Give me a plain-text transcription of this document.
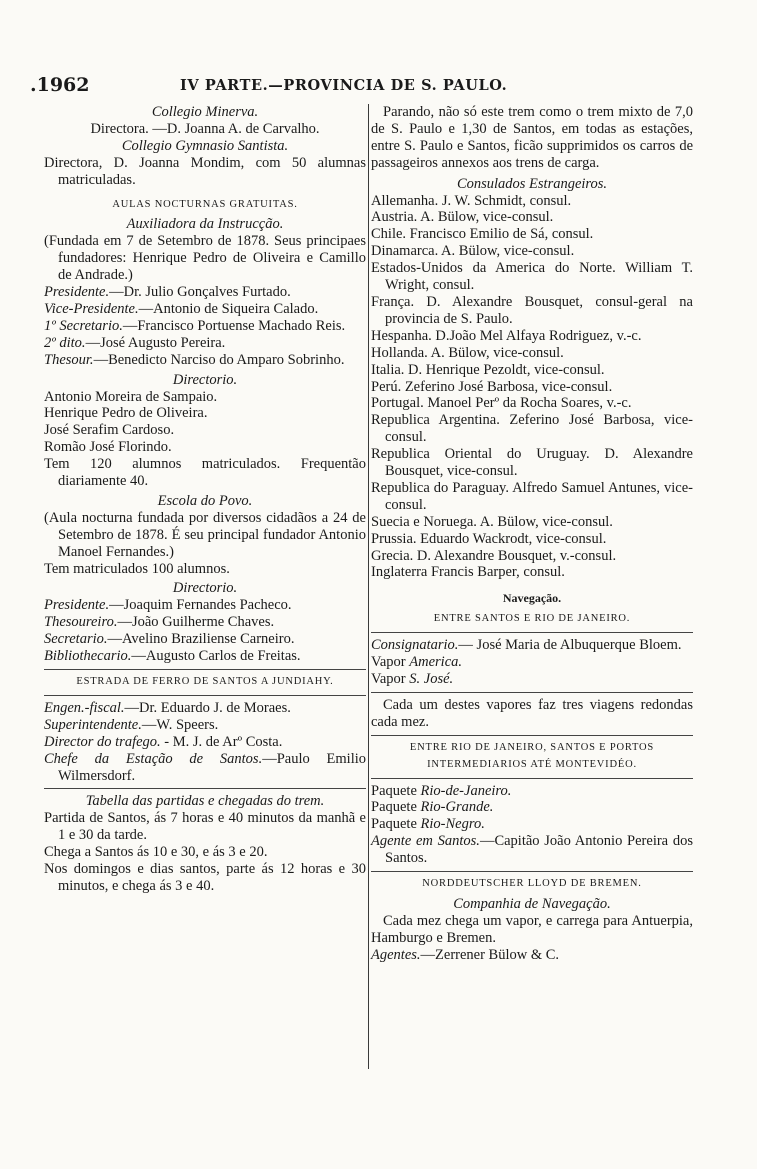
.1962	IV PARTE.—PROVINCIA DE S. PAULO.

Collegio Minerva.

Directora. —D. Joanna A. de Carvalho.

Collegio Gymnasio Santista.

Directora, D. Joanna Mondim, com 50 alumnas matriculadas.

AULAS NOCTURNAS GRATUITAS.

Auxiliadora da Instrucção.

(Fundada em 7 de Setembro de 1878. Seus principaes fundadores: Henrique Pedro de Oliveira e Camillo de Andrade.)

Presidente.—Dr. Julio Gonçalves Furtado.
Vice-Presidente.—Antonio de Siqueira Calado.
1º Secretario.—Francisco Portuense Machado Reis.
2º dito.—José Augusto Pereira.
Thesour.—Benedicto Narciso do Amparo Sobrinho.

Directorio.

Antonio Moreira de Sampaio.

Henrique Pedro de Oliveira.

José Serafim Cardoso.

Romão José Florindo.

Tem 120 alumnos matriculados. Frequentão diariamente 40.

Escola do Povo.

(Aula nocturna fundada por diversos cidadãos a 24 de Setembro de 1878. É seu principal fundador Antonio Manoel Fernandes.)

Tem matriculados 100 alumnos.

Directorio.

Presidente.—Joaquim Fernandes Pacheco.
Thesoureiro.—João Guilherme Chaves.
Secretario.—Avelino Braziliense Carneiro.
Bibliothecario.—Augusto Carlos de Freitas.

ESTRADA DE FERRO DE SANTOS A JUNDIAHY.

Engen.-fiscal.—Dr. Eduardo J. de Moraes.
Superintendente.—W. Speers.
Director do trafego. - M. J. de Arº Costa.
Chefe da Estação de Santos.—Paulo Emilio Wilmersdorf.

Tabella das partidas e chegadas do trem.

Partida de Santos, ás 7 horas e 40 minutos da manhã e 1 e 30 da tarde.

Chega a Santos ás 10 e 30, e ás 3 e 20.

Nos domingos e dias santos, parte ás 12 horas e 30 minutos, e chega ás 3 e 40.

Parando, não só este trem como o trem mixto de 7,0 de S. Paulo e 1,30 de Santos, em todas as estações, entre S. Paulo e Santos, ficão supprimidos os carros de passageiros annexos aos trens de carga.

Consulados Estrangeiros.

Allemanha. J. W. Schmidt, consul.

Austria. A. Bülow, vice-consul.

Chile. Francisco Emilio de Sá, consul.

Dinamarca. A. Bülow, vice-consul.

Estados-Unidos da America do Norte. William T. Wright, consul.

França. D. Alexandre Bousquet, consul-geral na provincia de S. Paulo.

Hespanha. D.João Mel Alfaya Rodriguez, v.-c.

Hollanda. A. Bülow, vice-consul.

Italia. D. Henrique Pezoldt, vice-consul.

Perú. Zeferino José Barbosa, vice-consul.

Portugal. Manoel Perº da Rocha Soares, v.-c.

Republica Argentina. Zeferino José Barbosa, vice-consul.

Republica Oriental do Uruguay. D. Alexandre Bousquet, vice-consul.

Republica do Paraguay. Alfredo Samuel Antunes, vice-consul.

Suecia e Noruega. A. Bülow, vice-consul.

Prussia. Eduardo Wackrodt, vice-consul.

Grecia. D. Alexandre Bousquet, v.-consul.

Inglaterra Francis Barper, consul.

Navegação.

ENTRE SANTOS E RIO DE JANEIRO.

Consignatario.— José Maria de Albuquerque Bloem.
Vapor America.
Vapor S. José.

Cada um destes vapores faz tres viagens redondas cada mez.

ENTRE RIO DE JANEIRO, SANTOS E PORTOS INTERMEDIARIOS ATÉ MONTEVIDÉO.

Paquete Rio-de-Janeiro.
Paquete Rio-Grande.
Paquete Rio-Negro.
Agente em Santos.—Capitão João Antonio Pereira dos Santos.

NORDDEUTSCHER LLOYD DE BREMEN.

Companhia de Navegação.

Cada mez chega um vapor, e carrega para Antuerpia, Hamburgo e Bremen.

Agentes.—Zerrener Bülow & C.
